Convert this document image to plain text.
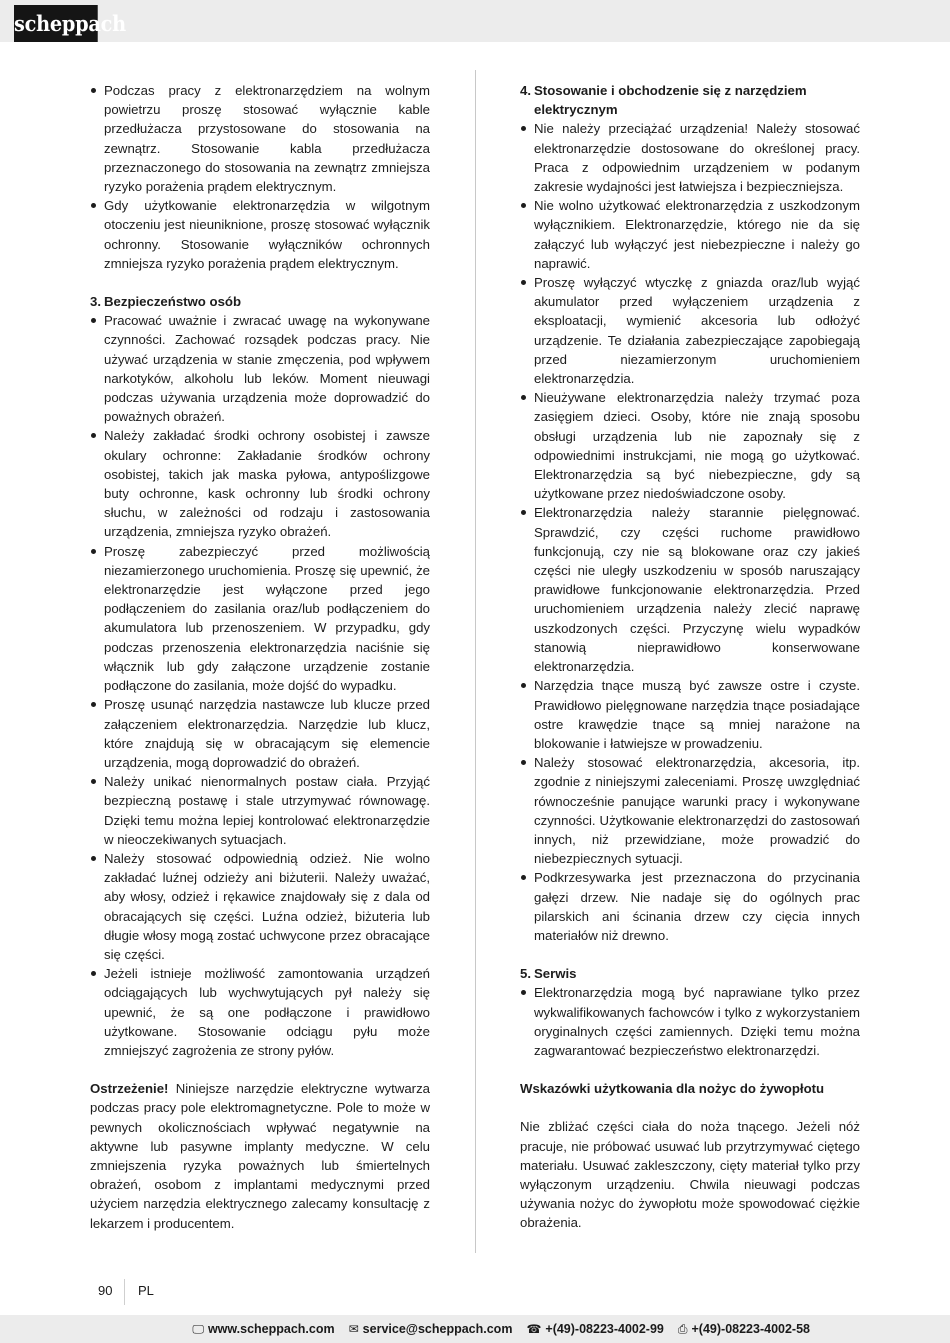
scheppach
Podczas pracy z elektronarzędziem na wolnym powietrzu proszę stosować wyłącznie kable przedłużacza przystosowane do stosowania na zewnątrz. Stosowanie kabla przedłużacza przeznaczonego do stosowania na zewnątrz zmniejsza ryzyko porażenia prądem elektrycznym.
Gdy użytkowanie elektronarzędzia w wilgotnym otoczeniu jest nieuniknione, proszę stosować wyłącznik ochronny. Stosowanie wyłączników ochronnych zmniejsza ryzyko porażenia prądem elektrycznym.
3. Bezpieczeństwo osób
Pracować uważnie i zwracać uwagę na wykonywane czynności. Zachować rozsądek podczas pracy. Nie używać urządzenia w stanie zmęczenia, pod wpływem narkotyków, alkoholu lub leków. Moment nieuwagi podczas używania urządzenia może doprowadzić do poważnych obrażeń.
Należy zakładać środki ochrony osobistej i zawsze okulary ochronne: Zakładanie środków ochrony osobistej, takich jak maska pyłowa, antypoślizgowe buty ochronne, kask ochronny lub środki ochrony słuchu, w zależności od rodzaju i zastosowania urządzenia, zmniejsza ryzyko obrażeń.
Proszę zabezpieczyć przed możliwością niezamierzonego uruchomienia. Proszę się upewnić, że elektronarzędzie jest wyłączone przed jego podłączeniem do zasilania oraz/lub podłączeniem do akumulatora lub przenoszeniem. W przypadku, gdy podczas przenoszenia elektronarzędzia naciśnie się włącznik lub gdy załączone urządzenie zostanie podłączone do zasilania, może dojść do wypadku.
Proszę usunąć narzędzia nastawcze lub klucze przed załączeniem elektronarzędzia. Narzędzie lub klucz, które znajdują się w obracającym się elemencie urządzenia, mogą doprowadzić do obrażeń.
Należy unikać nienormalnych postaw ciała. Przyjąć bezpieczną postawę i stale utrzymywać równowagę. Dzięki temu można lepiej kontrolować elektronarzędzie w nieoczekiwanych sytuacjach.
Należy stosować odpowiednią odzież. Nie wolno zakładać luźnej odzieży ani biżuterii. Należy uważać, aby włosy, odzież i rękawice znajdowały się z dala od obracających się części. Luźna odzież, biżuteria lub długie włosy mogą zostać uchwycone przez obracające się części.
Jeżeli istnieje możliwość zamontowania urządzeń odciągających lub wychwytujących pył należy się upewnić, że są one podłączone i prawidłowo użytkowane. Stosowanie odciągu pyłu może zmniejszyć zagrożenia ze strony pyłów.

Ostrzeżenie! Niniejsze narzędzie elektryczne wytwarza podczas pracy pole elektromagnetyczne. Pole to może w pewnych okolicznościach wpływać negatywnie na aktywne lub pasywne implanty medyczne. W celu zmniejszenia ryzyka poważnych lub śmiertelnych obrażeń, osobom z implantami medycznymi przed użyciem narzędzia elektrycznego zalecamy konsultację z lekarzem i producentem.

4. Stosowanie i obchodzenie się z narzędziem elektrycznym
Nie należy przeciążać urządzenia! Należy stosować elektronarzędzie dostosowane do określonej pracy. Praca z odpowiednim urządzeniem w podanym zakresie wydajności jest łatwiejsza i bezpieczniejsza.
Nie wolno użytkować elektronarzędzia z uszkodzonym wyłącznikiem. Elektronarzędzie, którego nie da się załączyć lub wyłączyć jest niebezpieczne i należy go naprawić.
Proszę wyłączyć wtyczkę z gniazda oraz/lub wyjąć akumulator przed wyłączeniem urządzenia z eksploatacji, wymienić akcesoria lub odłożyć urządzenie. Te działania zabezpieczające zapobiegają przed niezamierzonym uruchomieniem elektronarzędzia.
Nieużywane elektronarzędzia należy trzymać poza zasięgiem dzieci. Osoby, które nie znają sposobu obsługi urządzenia lub nie zapoznały się z odpowiednimi instrukcjami, nie mogą go użytkować. Elektronarzędzia są być niebezpieczne, gdy są użytkowane przez niedoświadczone osoby.
Elektronarzędzia należy starannie pielęgnować. Sprawdzić, czy części ruchome prawidłowo funkcjonują, czy nie są blokowane oraz czy jakieś części nie uległy uszkodzeniu w sposób naruszający prawidłowe funkcjonowanie elektronarzędzia. Przed uruchomieniem urządzenia należy zlecić naprawę uszkodzonych części. Przyczynę wielu wypadków stanowią nieprawidłowo konserwowane elektronarzędzia.
Narzędzia tnące muszą być zawsze ostre i czyste. Prawidłowo pielęgnowane narzędzia tnące posiadające ostre krawędzie tnące są mniej narażone na blokowanie i łatwiejsze w prowadzeniu.
Należy stosować elektronarzędzia, akcesoria, itp. zgodnie z niniejszymi zaleceniami. Proszę uwzględniać równocześnie panujące warunki pracy i wykonywane czynności. Użytkowanie elektronarzędzi do zastosowań innych, niż przewidziane, może prowadzić do niebezpiecznych sytuacji.
Podkrzesywarka jest przeznaczona do przycinania gałęzi drzew. Nie nadaje się do ogólnych prac pilarskich ani ścinania drzew czy cięcia innych materiałów niż drewno.
5. Serwis
Elektronarzędzia mogą być naprawiane tylko przez wykwalifikowanych fachowców i tylko z wykorzystaniem oryginalnych części zamiennych. Dzięki temu można zagwarantować bezpieczeństwo elektronarzędzi.
Wskazówki użytkowania dla nożyc do żywopłotu

Nie zbliżać części ciała do noża tnącego. Jeżeli nóż pracuje, nie próbować usuwać lub przytrzymywać ciętego materiału. Usuwać zakleszczony, cięty materiał tylko przy wyłączonym urządzeniu. Chwila nieuwagi podczas używania nożyc do żywopłotu może spowodować ciężkie obrażenia.

90 PL
🖵 www.scheppach.com ✉ service@scheppach.com ☎ +(49)-08223-4002-99 ⎙ +(49)-08223-4002-58
